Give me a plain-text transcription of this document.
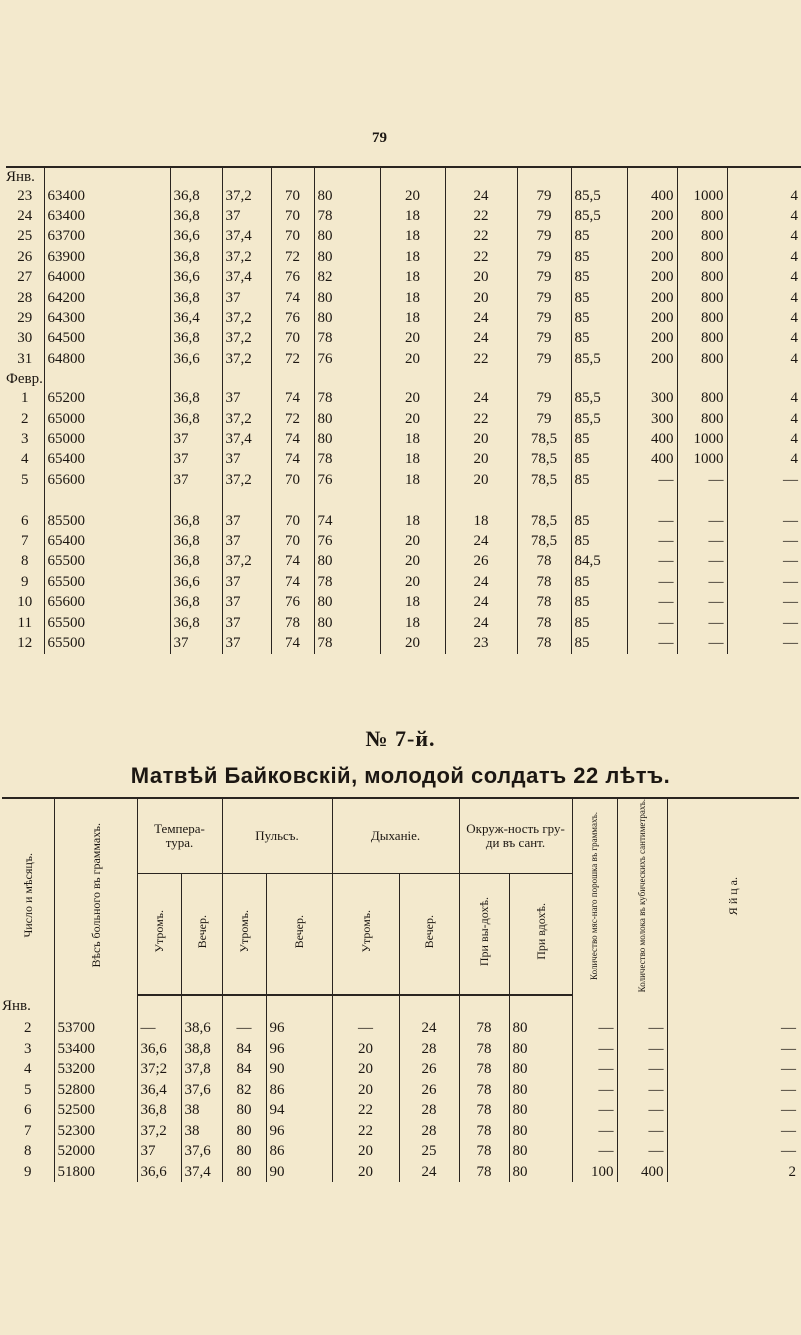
79
Янв.												
23	63400	36,8	37,2	70	80	20	24	79	85,5	400	1000	4
24	63400	36,8	37	70	78	18	22	79	85,5	200	800	4
25	63700	36,6	37,4	70	80	18	22	79	85	200	800	4
26	63900	36,8	37,2	72	80	18	22	79	85	200	800	4
27	64000	36,6	37,4	76	82	18	20	79	85	200	800	4
28	64200	36,8	37	74	80	18	20	79	85	200	800	4
29	64300	36,4	37,2	76	80	18	24	79	85	200	800	4
30	64500	36,8	37,2	70	78	20	24	79	85	200	800	4
31	64800	36,6	37,2	72	76	20	22	79	85,5	200	800	4
Февр.												
1	65200	36,8	37	74	78	20	24	79	85,5	300	800	4
2	65000	36,8	37,2	72	80	20	22	79	85,5	300	800	4
3	65000	37	37,4	74	80	18	20	78,5	85	400	1000	4
4	65400	37	37	74	78	18	20	78,5	85	400	1000	4
5	65600	37	37,2	70	76	18	20	78,5	85	—	—	—

6	85500	36,8	37	70	74	18	18	78,5	85	—	—	—
7	65400	36,8	37	70	76	20	24	78,5	85	—	—	—
8	65500	36,8	37,2	74	80	20	26	78	84,5	—	—	—
9	65500	36,6	37	74	78	20	24	78	85	—	—	—
10	65600	36,8	37	76	80	18	24	78	85	—	—	—
11	65500	36,8	37	78	80	18	24	78	85	—	—	—
12	65500	37	37	74	78	20	23	78	85	—	—	—
№ 7-й.
Матвѣй Байковскій, молодой солдатъ 22 лѣтъ.
Число и мѣсяцъ.	Вѣсъ больного въ граммахъ.	Темпера-тура.		Пульсъ.		Дыханіе.		Окруж-ность гру-ди въ сант.		Количество мяс-наго порошка въ граммахъ.	Количество молока въ кубическихъ сантиметрахъ.	Я й ц а.
		Утромъ.	Вечер.	Утромъ.	Вечер.	Утромъ.	Вечер.	При вы-дохѣ.	При вдохѣ.			
Янв.												
2	53700	—	38,6	—	96	—	24	78	80	—	—	—
3	53400	36,6	38,8	84	96	20	28	78	80	—	—	—
4	53200	37;2	37,8	84	90	20	26	78	80	—	—	—
5	52800	36,4	37,6	82	86	20	26	78	80	—	—	—
6	52500	36,8	38	80	94	22	28	78	80	—	—	—
7	52300	37,2	38	80	96	22	28	78	80	—	—	—
8	52000	37	37,6	80	86	20	25	78	80	—	—	—
9	51800	36,6	37,4	80	90	20	24	78	80	100	400	2
